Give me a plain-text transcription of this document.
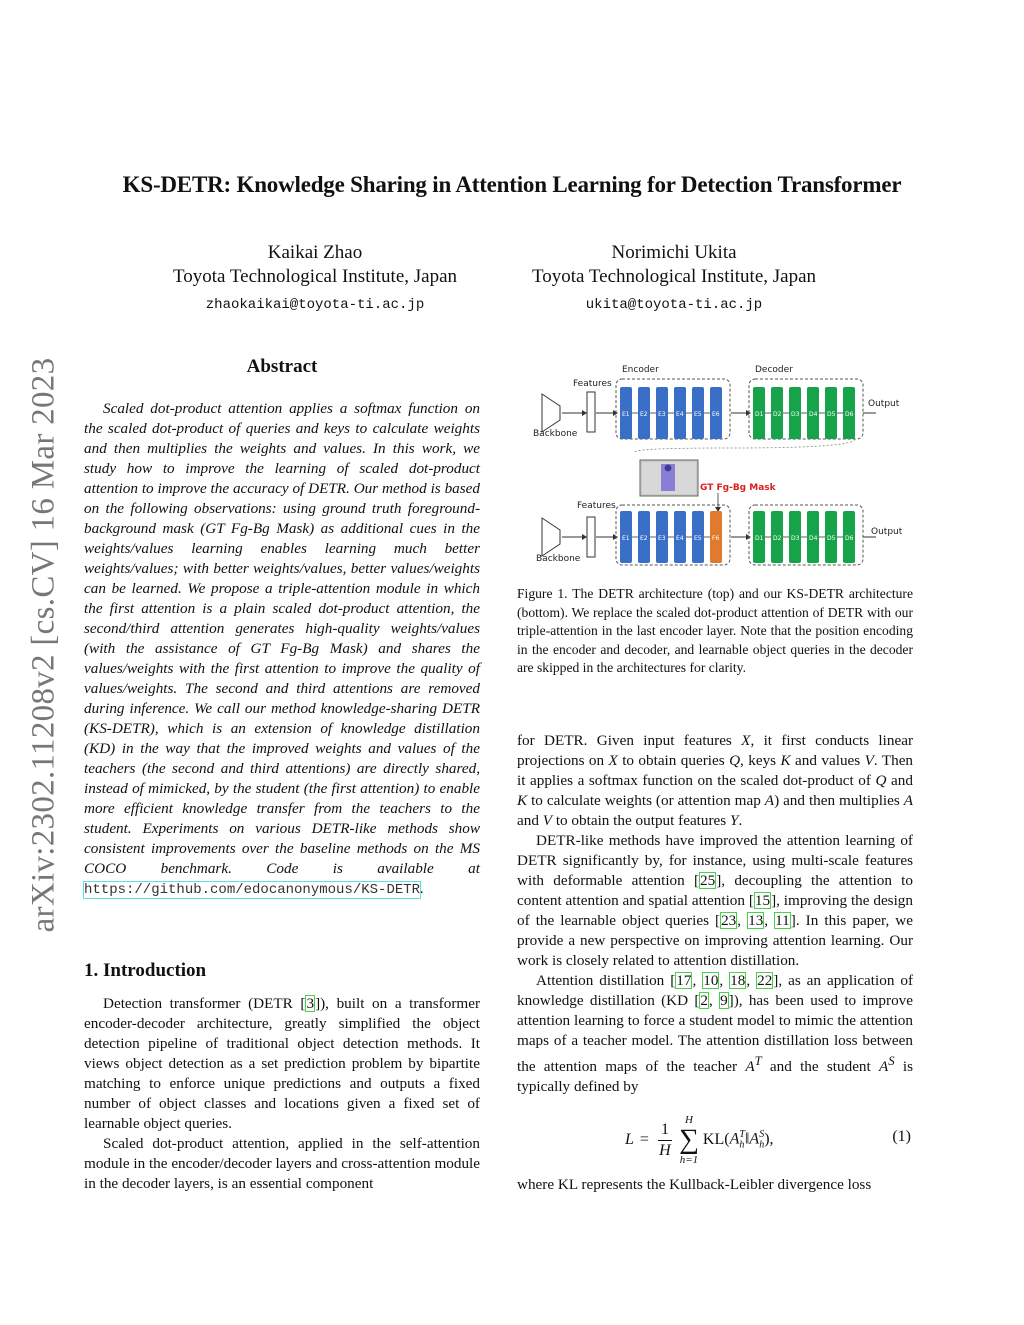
arXiv:2302.11208v2 [cs.CV] 16 Mar 2023
KS-DETR: Knowledge Sharing in Attention Learning for Detection Transformer
Kaikai Zhao
Toyota Technological Institute, Japan
zhaokaikai@toyota-ti.ac.jp
Norimichi Ukita
Toyota Technological Institute, Japan
ukita@toyota-ti.ac.jp
Abstract

Scaled dot-product attention applies a softmax function on the scaled dot-product of queries and keys to calculate weights and then multiplies the weights and values. In this work, we study how to improve the learning of scaled dot-product attention to improve the accuracy of DETR. Our method is based on the following observations: using ground truth foreground-background mask (GT Fg-Bg Mask) as additional cues in the weights/values learning enables learning much better weights/values; with better weights/values, better values/weights can be learned. We propose a triple-attention module in which the first attention is a plain scaled dot-product attention, the second/third attention generates high-quality weights/values (with the assistance of GT Fg-Bg Mask) and shares the values/weights with the first attention to improve the quality of values/weights. The second and third attentions are removed during inference. We call our method knowledge-sharing DETR (KS-DETR), which is an extension of knowledge distillation (KD) in the way that the improved weights and values of the teachers (the second and third attentions) are directly shared, instead of mimicked, by the student (the first attention) to enable more efficient knowledge transfer from the teachers to the student. Experiments on various DETR-like methods show consistent improvements over the baseline methods on the MS COCO benchmark. Code is available at https://github.com/edocanonymous/KS-DETR.

1. Introduction

Detection transformer (DETR [3]), built on a transformer encoder-decoder architecture, greatly simplified the object detection pipeline of traditional object detection methods. It views object detection as a set prediction problem by bipartite matching to enforce unique predictions and outputs a fixed number of object classes and locations given a fixed set of learnable object queries.

Scaled dot-product attention, applied in the self-attention module in the encoder/decoder layers and cross-attention module in the decoder layers, is an essential component

Encoder	Decoder
Features
Backbone
E1 E2 E3 E4 E5 E6	D1 D2 D3 D4 D5 D6
Output
GT Fg-Bg Mask
Features
Backbone
E1 E2 E3 E4 E5 F6	D1 D2 D3 D4 D5 D6
Output

Figure 1. The DETR architecture (top) and our KS-DETR architecture (bottom). We replace the scaled dot-product attention of DETR with our triple-attention in the last encoder layer. Note that the position encoding in the encoder and decoder, and learnable object queries in the decoder are skipped in the architectures for clarity.

for DETR. Given input features X, it first conducts linear projections on X to obtain queries Q, keys K and values V. Then it applies a softmax function on the scaled dot-product of Q and K to calculate weights (or attention map A) and then multiplies A and V to obtain the output features Y.

DETR-like methods have improved the attention learning of DETR significantly by, for instance, using multi-scale features with deformable attention [25], decoupling the attention to content attention and spatial attention [15], improving the design of the learnable object queries [23, 13, 11]. In this paper, we provide a new perspective on improving attention learning. Our work is closely related to attention distillation.

Attention distillation [17, 10, 18, 22], as an application of knowledge distillation (KD [2, 9]), has been used to improve attention learning to force a student model to mimic the attention maps of a teacher model. The attention distillation loss between the attention maps of the teacher $A^T$ and the student $A^S$ is typically defined by

$L = \frac{1}{H}$ H
∑
h=1
KL $(A_h^T‖A_h^S)$,	(1)

where KL represents the Kullback-Leibler divergence loss
